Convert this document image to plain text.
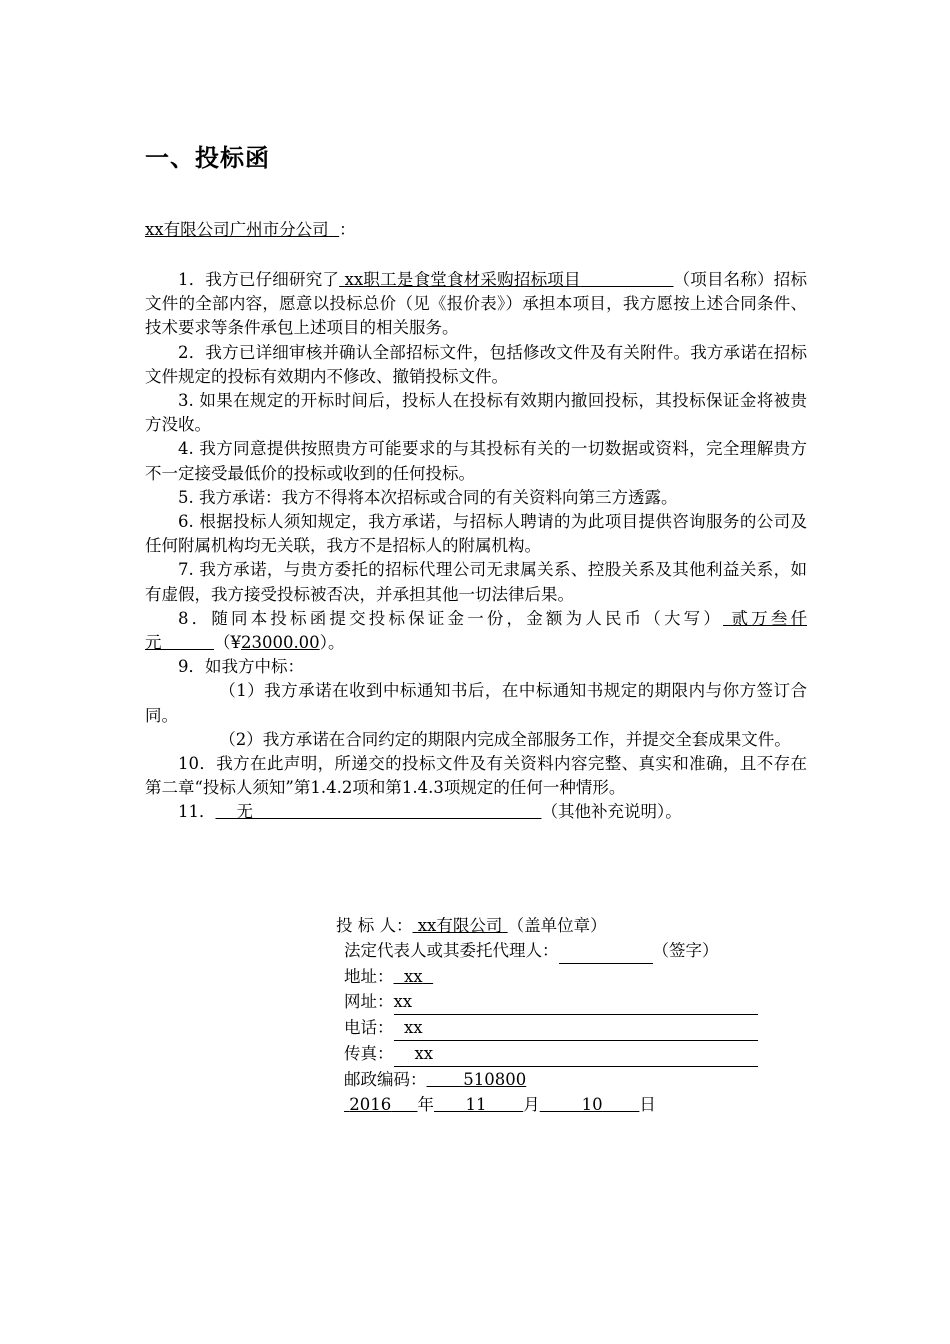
一、投标函
xx有限公司广州市分公司 ：

1．我方已仔细研究了 xx职工是食堂食材采购招标项目	（项目名称）招标文件的全部内容，愿意以投标总价（见《报价表》）承担本项目，我方愿按上述合同条件、技术要求等条件承包上述项目的相关服务。

2．我方已详细审核并确认全部招标文件，包括修改文件及有关附件。我方承诺在招标文件规定的投标有效期内不修改、撤销投标文件。

3. 如果在规定的开标时间后，投标人在投标有效期内撤回投标，其投标保证金将被贵方没收。

4. 我方同意提供按照贵方可能要求的与其投标有关的一切数据或资料，完全理解贵方不一定接受最低价的投标或收到的任何投标。

5. 我方承诺：我方不得将本次招标或合同的有关资料向第三方透露。

6. 根据投标人须知规定，我方承诺，与招标人聘请的为此项目提供咨询服务的公司及任何附属机构均无关联，我方不是招标人的附属机构。

7. 我方承诺，与贵方委托的招标代理公司无隶属关系、控股关系及其他利益关系，如有虚假，我方接受投标被否决，并承担其他一切法律后果。

8．随同本投标函提交投标保证金一份，金额为人民币（大写） 贰万叁仟元	（¥23000.00）。

9．如我方中标：

（1）我方承诺在收到中标通知书后，在中标通知书规定的期限内与你方签订合同。

（2）我方承诺在合同约定的期限内完成全部服务工作，并提交全套成果文件。

10．我方在此声明，所递交的投标文件及有关资料内容完整、真实和准确，且不存在第二章“投标人须知”第1.4.2项和第1.4.3项规定的任何一种情形。

11． 无	（其他补充说明）。

投 标 人： xx有限公司 （盖单位章）
法定代表人或其委托代理人：	（签字）
地址： xx
网址：xx
电话： xx
传真： xx
邮政编码： 510800
2016 年 11 月	10 日
